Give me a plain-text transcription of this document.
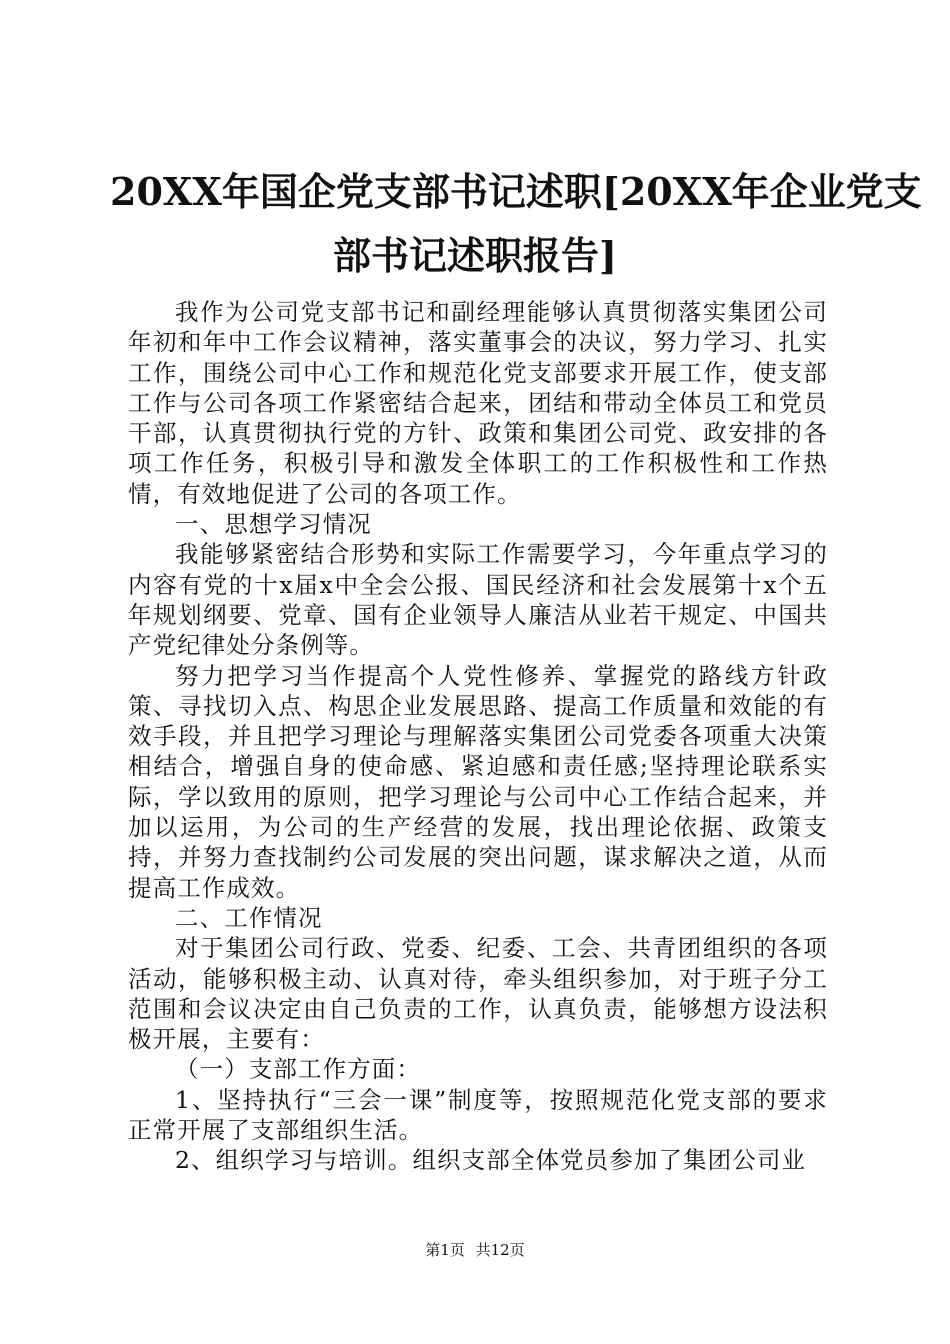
20XX年国企党支部书记述职[20XX年企业党支
部书记述职报告]

我作为公司党支部书记和副经理能够认真贯彻落实集团公司年初和年中工作会议精神，落实董事会的决议，努力学习、扎实工作，围绕公司中心工作和规范化党支部要求开展工作，使支部工作与公司各项工作紧密结合起来，团结和带动全体员工和党员干部，认真贯彻执行党的方针、政策和集团公司党、政安排的各项工作任务，积极引导和激发全体职工的工作积极性和工作热情，有效地促进了公司的各项工作。

一、思想学习情况

我能够紧密结合形势和实际工作需要学习，今年重点学习的内容有党的十x届x中全会公报、国民经济和社会发展第十x个五年规划纲要、党章、国有企业领导人廉洁从业若干规定、中国共产党纪律处分条例等。

努力把学习当作提高个人党性修养、掌握党的路线方针政策、寻找切入点、构思企业发展思路、提高工作质量和效能的有效手段，并且把学习理论与理解落实集团公司党委各项重大决策相结合，增强自身的使命感、紧迫感和责任感;坚持理论联系实际，学以致用的原则，把学习理论与公司中心工作结合起来，并加以运用，为公司的生产经营的发展，找出理论依据、政策支持，并努力查找制约公司发展的突出问题，谋求解决之道，从而提高工作成效。

二、工作情况

对于集团公司行政、党委、纪委、工会、共青团组织的各项活动，能够积极主动、认真对待，牵头组织参加，对于班子分工范围和会议决定由自己负责的工作，认真负责，能够想方设法积极开展，主要有：

（一）支部工作方面：

1、坚持执行“三会一课”制度等，按照规范化党支部的要求正常开展了支部组织生活。

2、组织学习与培训。组织支部全体党员参加了集团公司业

第1页 共12页
